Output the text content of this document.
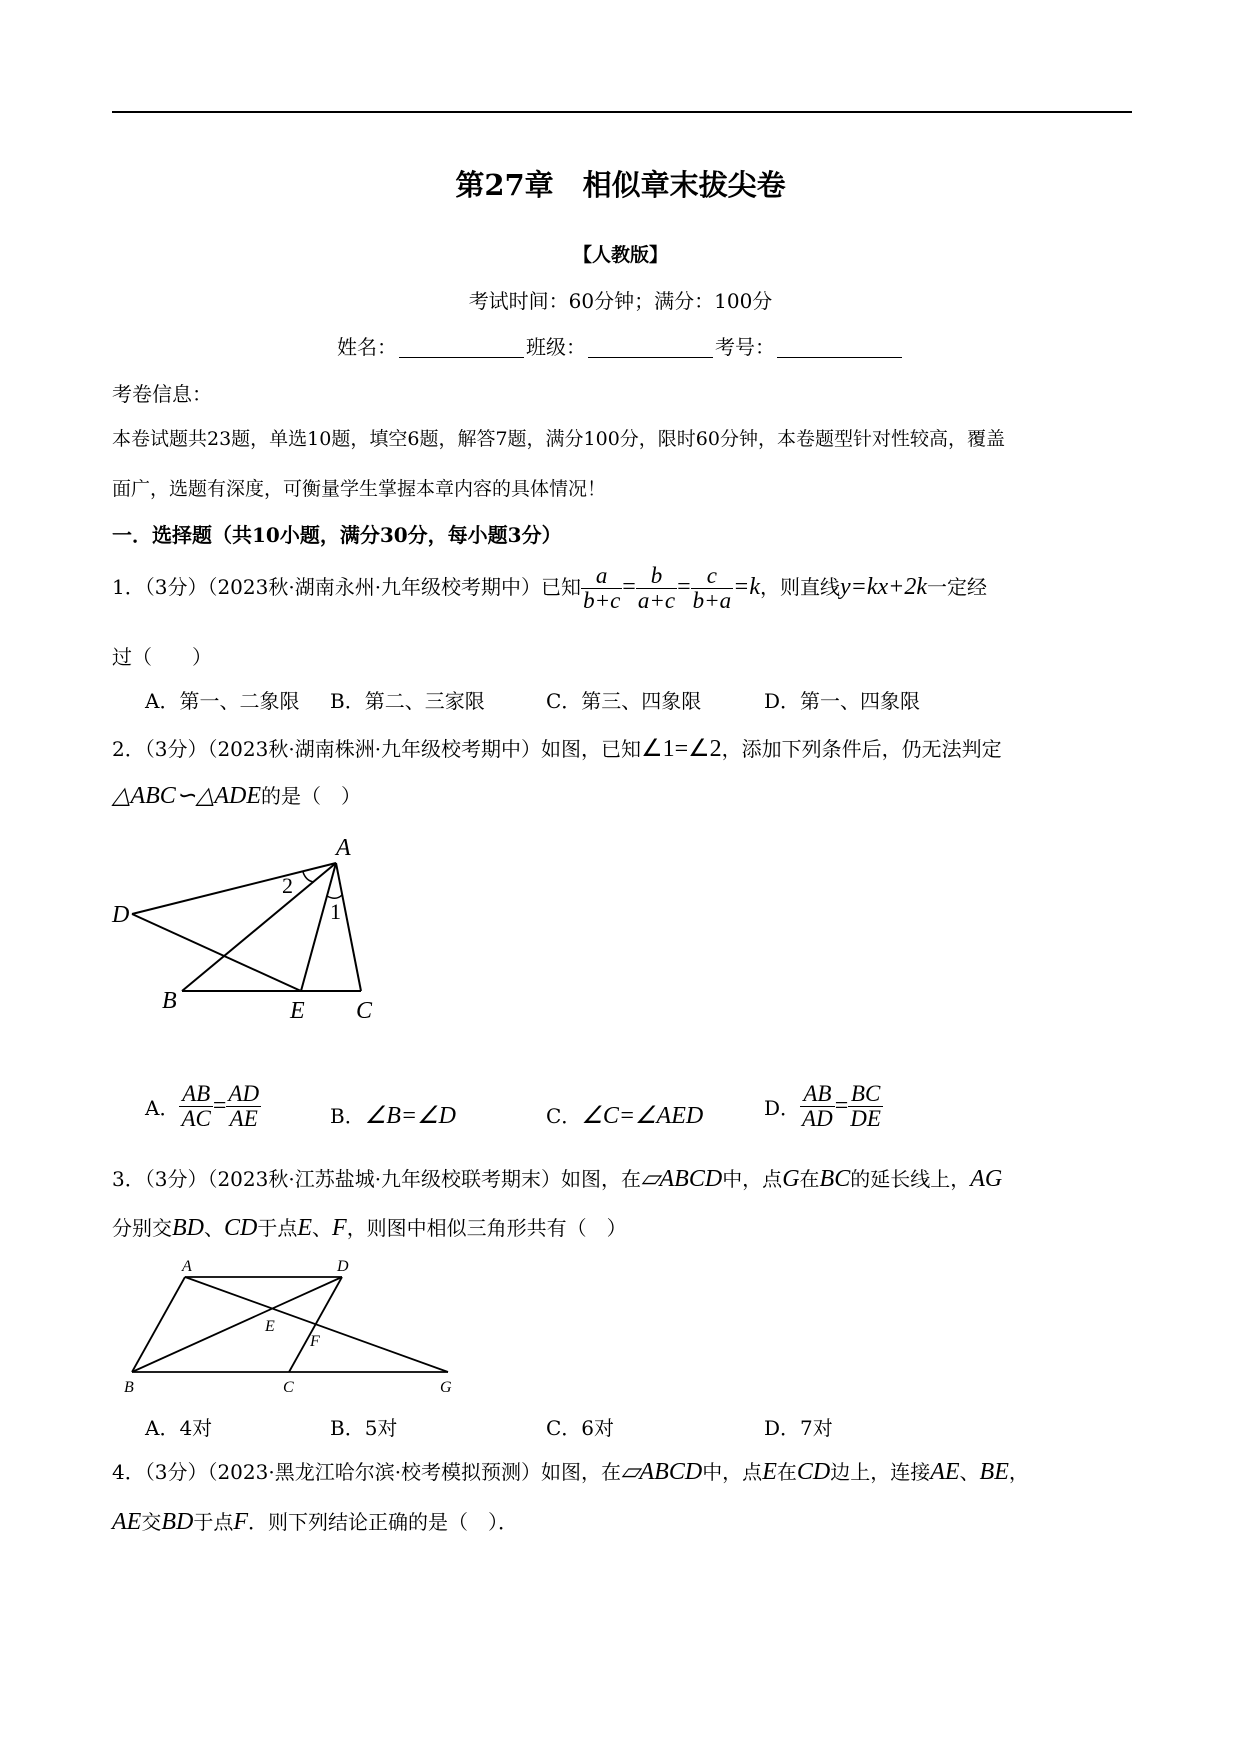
第27章　相似章末拔尖卷
【人教版】
考试时间：60分钟；满分：100分
姓名：	班级：	考号：
考卷信息：
本卷试题共23题，单选10题，填空6题，解答7题，满分100分，限时60分钟，本卷题型针对性较高，覆盖
面广，选题有深度，可衡量学生掌握本章内容的具体情况！
一．选择题（共10小题，满分30分，每小题3分）
1．（3分）（2023秋·湖南永州·九年级校考期中）已知 $\frac{a}{b+c} = \frac{b}{a+c} = \frac{c}{b+a} =k$，则直线y=kx+2k一定经
过（　　）
A．第一、二象限 B．第二、三家限	C．第三、四象限	D．第一、四象限
2．（3分）（2023秋·湖南株洲·九年级校考期中）如图，已知∠1=∠2，添加下列条件后，仍无法判定
△ABC∽△ADE的是（　）
A
D
B	E C
1
2
A． $\frac{AB}{AC} = \frac{AD}{AE}$	B．∠B=∠D	C．∠C=∠AED	D． $\frac{AB}{AD} = \frac{BC}{DE}$
3．（3分）（2023秋·江苏盐城·九年级校联考期末）如图，在▱ABCD中，点G在BC的延长线上，AG
分别交BD、CD于点E、F，则图中相似三角形共有（　）
A	D
B	C	G
E
F
A．4对	B．5对	C．6对	D．7对
4．（3分）（2023·黑龙江哈尔滨·校考模拟预测）如图，在▱ABCD中，点E在CD边上，连接AE、BE，
AE交BD于点F．则下列结论正确的是（　）．
